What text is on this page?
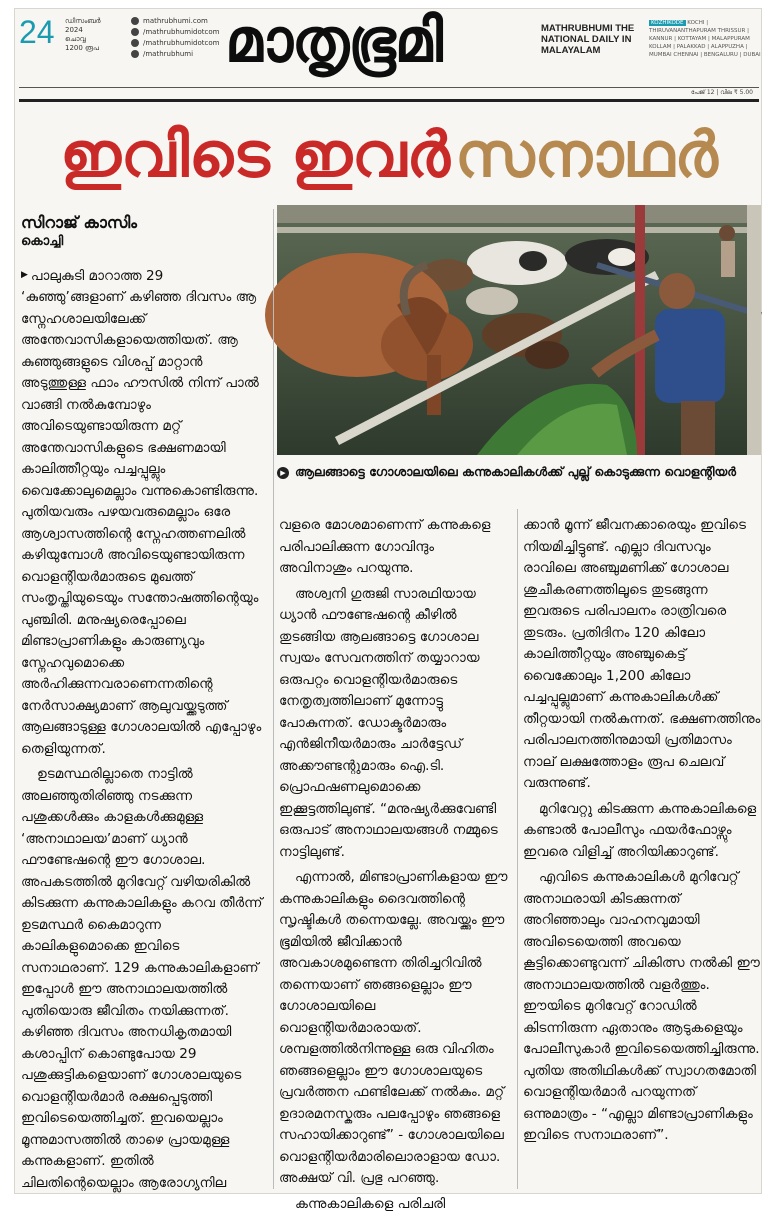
24 ഡിസംബർ
2024
ചൊവ്വ
1200 രൂപ
mathrubhumi.com
/mathrubhumidotcom
/mathrubhumidotcom
/mathrubhumi മാതൃഭൂമി	MATHRUBHUMI THE NATIONAL DAILY IN MALAYALAM
KOZHIKODE KOCHI | THIRUVANANTHAPURAM THRISSUR | KANNUR | KOTTAYAM | MALAPPURAM KOLLAM | PALAKKAD | ALAPPUZHA | MUMBAI CHENNAI | BENGALURU | DUBAI
പേജ് 12 | വില ₹ 5.00
ഇവിടെ ഇവർ സനാഥർ
സിറാജ് കാസിം
കൊച്ചി
▶ ആലങ്ങാട്ടെ ഗോശാലയിലെ കന്നുകാലികൾക്ക് പുല്ല് കൊടുക്കുന്ന വൊളന്റിയർ

▶ പാലുകുടി മാറാത്ത 29 ‘കുഞ്ഞു’ങ്ങളാണ് കഴിഞ്ഞ ദിവസം ആ സ്നേഹശാലയിലേക്ക് അന്തേവാസികളായെത്തിയത്. ആ കുഞ്ഞുങ്ങളുടെ വിശപ്പ് മാറ്റാൻ അടുത്തുള്ള ഫാം ഹൗസിൽ നിന്ന് പാൽ വാങ്ങി നൽകുമ്പോഴും അവിടെയുണ്ടായിരുന്ന മറ്റ് അന്തേവാസികളുടെ ഭക്ഷണമായി കാലിത്തീറ്റയും പച്ചപ്പുല്ലും വൈക്കോലുമെല്ലാം വന്നുകൊണ്ടിരുന്നു. പുതിയവരും പഴയവരുമെല്ലാം ഒരേ ആശ്വാസത്തിന്റെ സ്നേഹത്തണലിൽ കഴിയുമ്പോൾ അവിടെയുണ്ടായിരുന്ന വൊളന്റിയർമാരുടെ മുഖത്ത് സംതൃപ്തിയുടെയും സന്തോഷത്തിന്റെയും പുഞ്ചിരി. മനുഷ്യരെപ്പോലെ മിണ്ടാപ്രാണികളും കാരുണ്യവും സ്നേഹവുമൊക്കെ അർഹിക്കുന്നവരാണെന്നതിന്റെ നേർസാക്ഷ്യമാണ് ആലുവയ്ക്കടുത്ത് ആലങ്ങാടുള്ള ഗോശാലയിൽ എപ്പോഴും തെളിയുന്നത്.

ഉടമസ്ഥരില്ലാതെ നാട്ടിൽ അലഞ്ഞുതിരിഞ്ഞു നടക്കുന്ന പശുക്കൾക്കും കാളകൾക്കുമുള്ള ‘അനാഥാലയ’മാണ് ധ്യാൻ ഫൗണ്ടേഷന്റെ ഈ ഗോശാല. അപകടത്തിൽ മുറിവേറ്റ് വഴിയരികിൽ കിടക്കുന്ന കന്നുകാലികളും കറവ തീർന്ന് ഉടമസ്ഥർ കൈമാറുന്ന കാലികളുമൊക്കെ ഇവിടെ സനാഥരാണ്. 129 കന്നുകാലികളാണ് ഇപ്പോൾ ഈ അനാഥാലയത്തിൽ പുതിയൊരു ജീവിതം നയിക്കുന്നത്. കഴിഞ്ഞ ദിവസം അനധികൃതമായി കശാപ്പിന് കൊണ്ടുപോയ 29 പശുക്കുട്ടികളെയാണ് ഗോശാലയുടെ വൊളന്റിയർമാർ രക്ഷപ്പെടുത്തി ഇവിടെയെത്തിച്ചത്. ഇവയെല്ലാം മൂന്നുമാസത്തിൽ താഴെ പ്രായമുള്ള കന്നുകളാണ്. ഇതിൽ ചിലതിന്റെയെല്ലാം ആരോഗ്യനില

വളരെ മോശമാണെന്ന് കന്നുകളെ പരിപാലിക്കുന്ന ഗോവിന്ദും അവിനാശും പറയുന്നു.

അശ്വനി ഗുരുജി സാരഥിയായ ധ്യാൻ ഫൗണ്ടേഷന്റെ കീഴിൽ തുടങ്ങിയ ആലങ്ങാട്ടെ ഗോശാല സ്വയം സേവനത്തിന് തയ്യാറായ ഒരുപറ്റം വൊളന്റിയർമാരുടെ നേതൃത്വത്തിലാണ് മുന്നോട്ടു പോകുന്നത്. ഡോക്ടർമാരും എൻജിനീയർമാരും ചാർട്ടേഡ് അക്കൗണ്ടന്റുമാരും ഐ.ടി. പ്രൊഫഷണലുമൊക്കെ ഇക്കൂട്ടത്തിലുണ്ട്. “മനുഷ്യർക്കുവേണ്ടി ഒരുപാട് അനാഥാലയങ്ങൾ നമ്മുടെ നാട്ടിലുണ്ട്.

എന്നാൽ, മിണ്ടാപ്രാണികളായ ഈ കന്നുകാലികളും ദൈവത്തിന്റെ സൃഷ്ടികൾ തന്നെയല്ലേ. അവയ്ക്കും ഈ ഭൂമിയിൽ ജീവിക്കാൻ അവകാശമുണ്ടെന്ന തിരിച്ചറിവിൽ തന്നെയാണ് ഞങ്ങളെല്ലാം ഈ ഗോശാലയിലെ വൊളന്റിയർമാരായത്. ശമ്പളത്തിൽനിന്നുള്ള ഒരു വിഹിതം ഞങ്ങളെല്ലാം ഈ ഗോശാലയുടെ പ്രവർത്തന ഫണ്ടിലേക്ക് നൽകും. മറ്റ് ഉദാരമനസ്കരും പലപ്പോഴും ഞങ്ങളെ സഹായിക്കാറുണ്ട്” - ഗോശാലയിലെ വൊളന്റിയർമാരിലൊരാളായ ഡോ. അക്ഷയ് വി. പ്രഭു പറഞ്ഞു.

കന്നുകാലികളെ പരിചരി

ക്കാൻ മൂന്ന് ജീവനക്കാരെയും ഇവിടെ നിയമിച്ചിട്ടുണ്ട്. എല്ലാ ദിവസവും രാവിലെ അഞ്ചുമണിക്ക് ഗോശാല ശുചീകരണത്തിലൂടെ തുടങ്ങുന്ന ഇവരുടെ പരിപാലനം രാത്രിവരെ തുടരും. പ്രതിദിനം 120 കിലോ കാലിത്തീറ്റയും അഞ്ചുകെട്ട് വൈക്കോലും 1,200 കിലോ പച്ചപ്പുല്ലുമാണ് കന്നുകാലികൾക്ക് തീറ്റയായി നൽകുന്നത്. ഭക്ഷണത്തിനും പരിപാലനത്തിനുമായി പ്രതിമാസം നാല് ലക്ഷത്തോളം രൂപ ചെലവ് വരുന്നുണ്ട്.

മുറിവേറ്റു കിടക്കുന്ന കന്നുകാലികളെ കണ്ടാൽ പോലീസും ഫയർഫോഴ്സും ഇവരെ വിളിച്ച് അറിയിക്കാറുണ്ട്.

എവിടെ കന്നുകാലികൾ മുറിവേറ്റ് അനാഥരായി കിടക്കുന്നത് അറിഞ്ഞാലും വാഹനവുമായി അവിടെയെത്തി അവയെ കൂട്ടിക്കൊണ്ടുവന്ന് ചികിത്സ നൽകി ഈ അനാഥാലയത്തിൽ വളർത്തും. ഈയിടെ മുറിവേറ്റ് റോഡിൽ കിടന്നിരുന്ന ഏതാനും ആടുകളെയും പോലീസുകാർ ഇവിടെയെത്തിച്ചിരുന്നു. പുതിയ അതിഥികൾക്ക് സ്വാഗതമോതി വൊളന്റിയർമാർ പറയുന്നത് ഒന്നുമാത്രം - “എല്ലാ മിണ്ടാപ്രാണികളും ഇവിടെ സനാഥരാണ്”.
